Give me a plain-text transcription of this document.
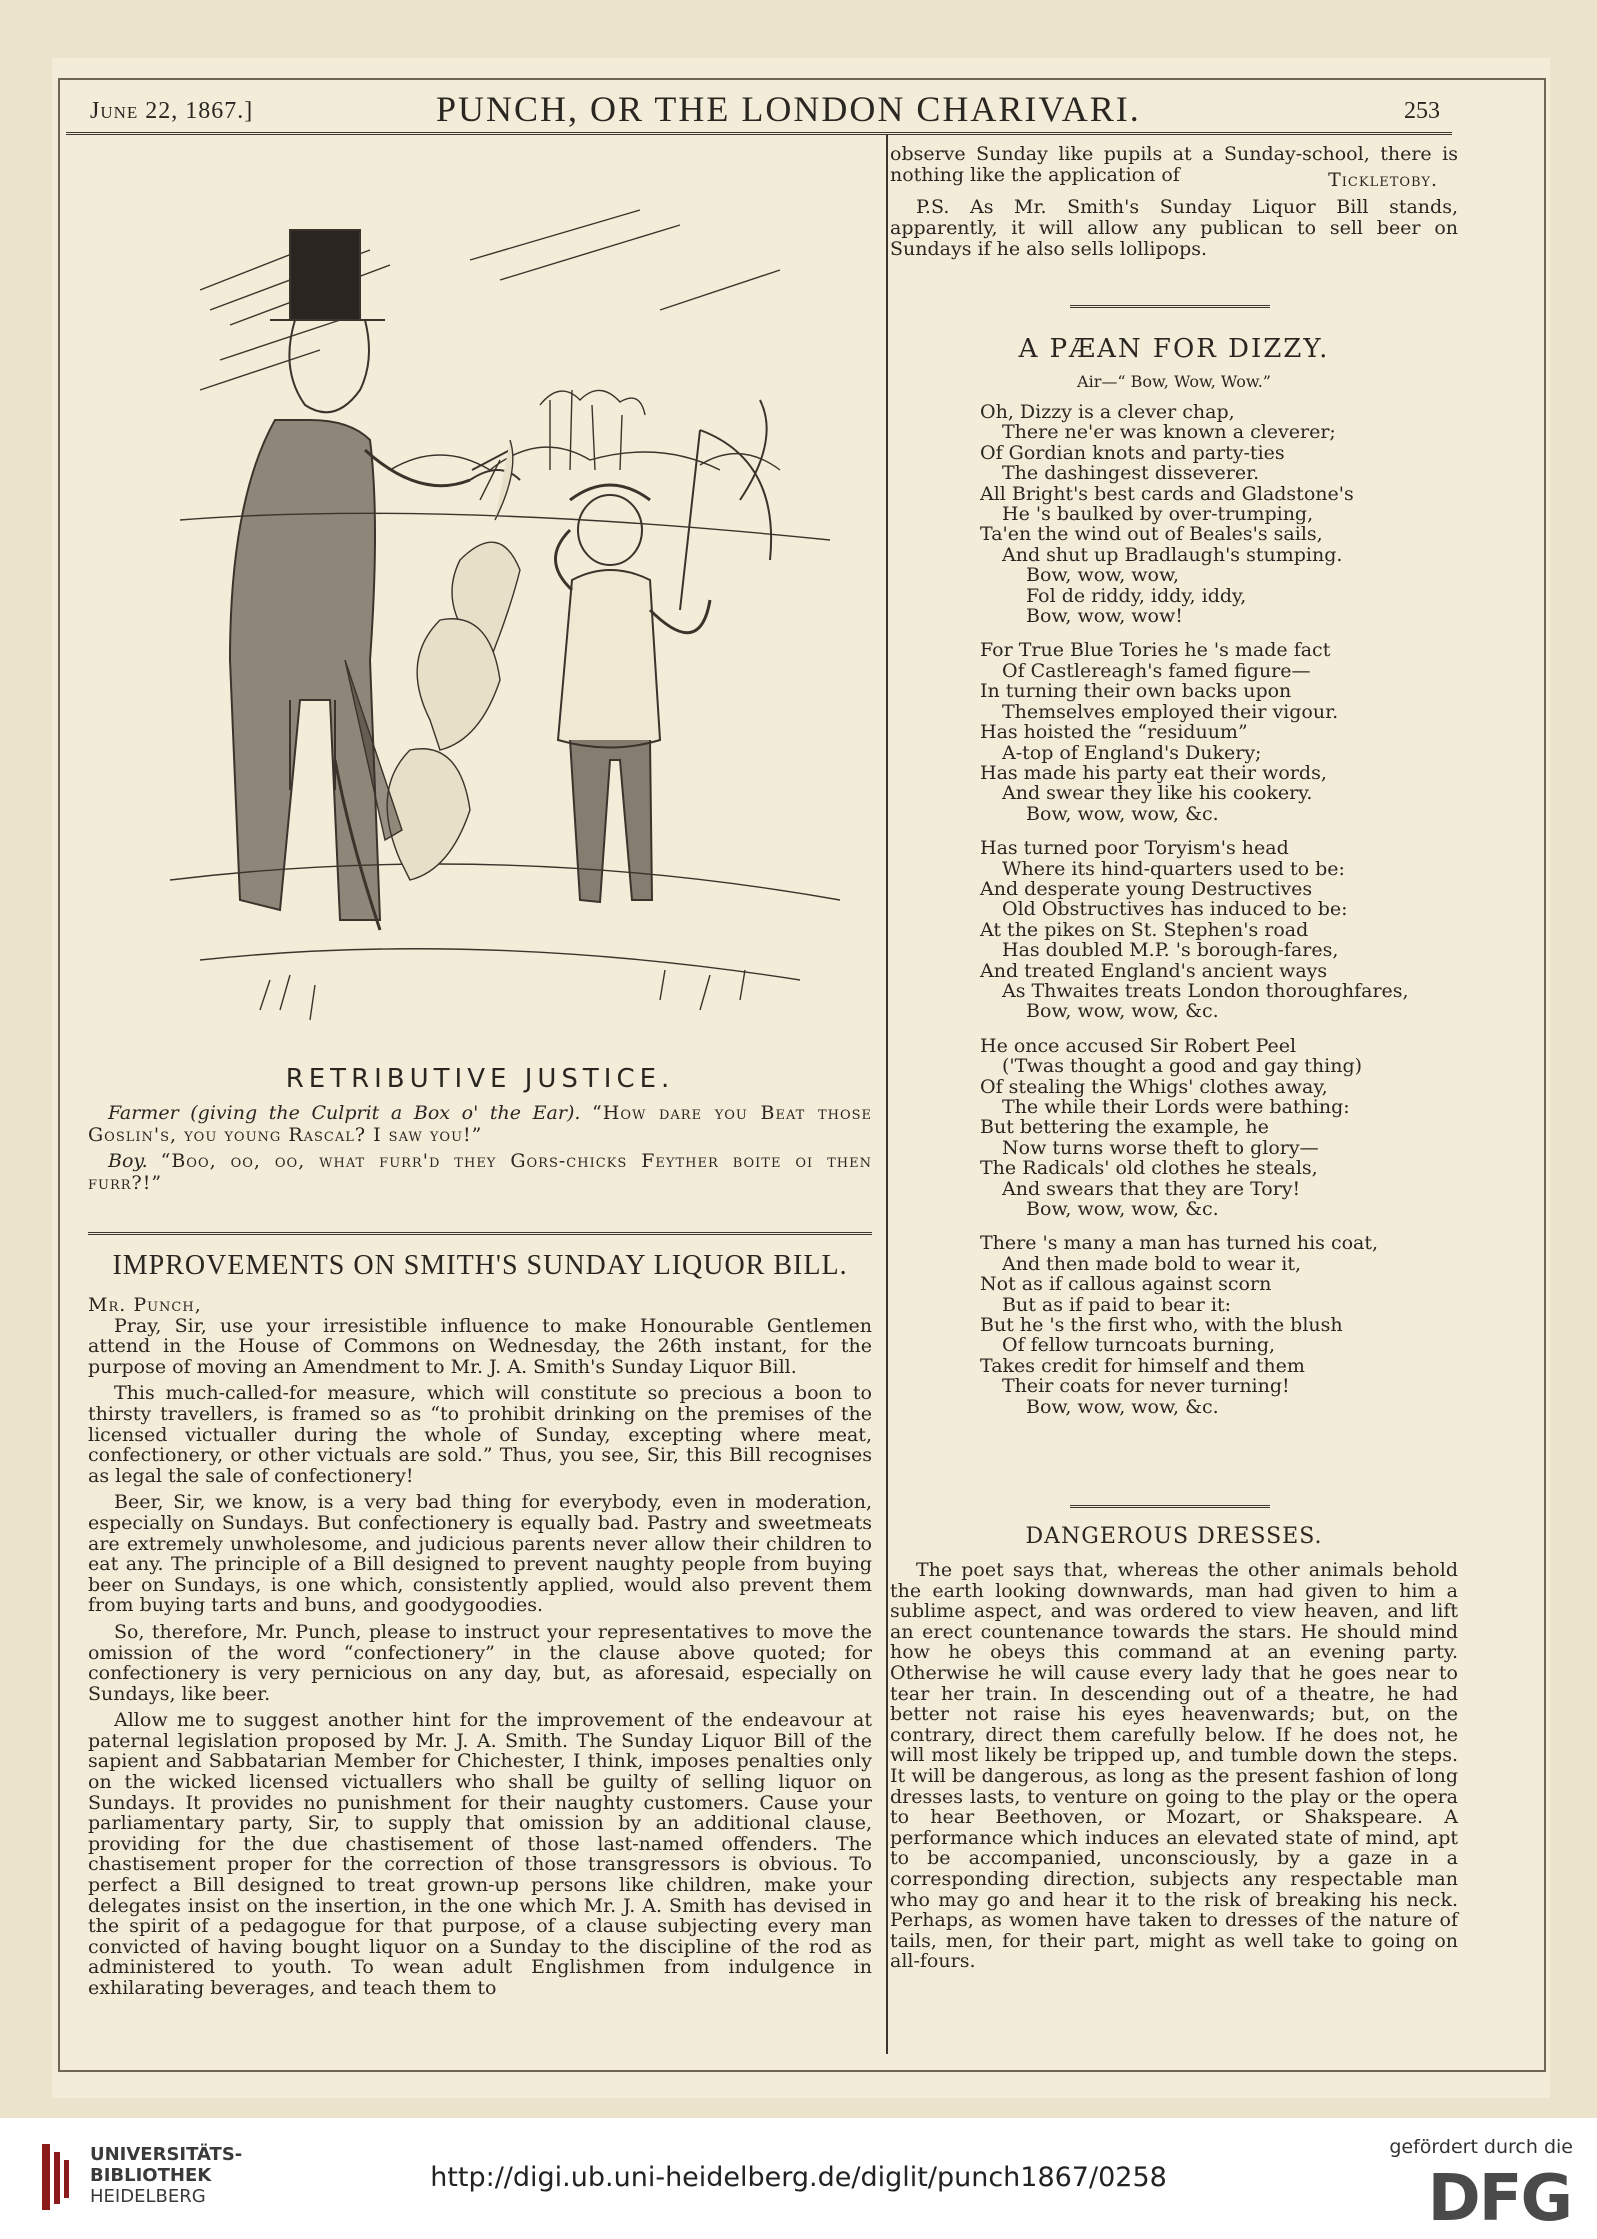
June 22, 1867.]	PUNCH, OR THE LONDON CHARIVARI.	253
RETRIBUTIVE JUSTICE.

Farmer (giving the Culprit a Box o' the Ear). “How dare you Beat those Goslin's, you young Rascal? I saw you!”

Boy. “Boo, oo, oo, what furr'd they Gors-chicks Feyther boite oi then furr?!”

IMPROVEMENTS ON SMITH'S SUNDAY LIQUOR BILL.

Mr. Punch,

Pray, Sir, use your irresistible influence to make Honourable Gentlemen attend in the House of Commons on Wednesday, the 26th instant, for the purpose of moving an Amendment to Mr. J. A. Smith's Sunday Liquor Bill.

This much-called-for measure, which will constitute so precious a boon to thirsty travellers, is framed so as “to prohibit drinking on the premises of the licensed victualler during the whole of Sunday, excepting where meat, confectionery, or other victuals are sold.” Thus, you see, Sir, this Bill recognises as legal the sale of confectionery!

Beer, Sir, we know, is a very bad thing for everybody, even in moderation, especially on Sundays. But confectionery is equally bad. Pastry and sweetmeats are extremely unwholesome, and judicious parents never allow their children to eat any. The principle of a Bill designed to prevent naughty people from buying beer on Sundays, is one which, consistently applied, would also prevent them from buying tarts and buns, and goodygoodies.

So, therefore, Mr. Punch, please to instruct your representatives to move the omission of the word “confectionery” in the clause above quoted; for confectionery is very pernicious on any day, but, as aforesaid, especially on Sundays, like beer.

Allow me to suggest another hint for the improvement of the endeavour at paternal legislation proposed by Mr. J. A. Smith. The Sunday Liquor Bill of the sapient and Sabbatarian Member for Chichester, I think, imposes penalties only on the wicked licensed victuallers who shall be guilty of selling liquor on Sundays. It provides no punishment for their naughty customers. Cause your parliamentary party, Sir, to supply that omission by an additional clause, providing for the due chastisement of those last-named offenders. The chastisement proper for the correction of those transgressors is obvious. To perfect a Bill designed to treat grown-up persons like children, make your delegates insist on the insertion, in the one which Mr. J. A. Smith has devised in the spirit of a pedagogue for that purpose, of a clause subjecting every man convicted of having bought liquor on a Sunday to the discipline of the rod as administered to youth. To wean adult Englishmen from indulgence in exhilarating beverages, and teach them to

observe Sunday like pupils at a Sunday-school, there is nothing like the application of	Tickletoby.

P.S. As Mr. Smith's Sunday Liquor Bill stands, apparently, it will allow any publican to sell beer on Sundays if he also sells lollipops.

A PÆAN FOR DIZZY.
Air—“ Bow, Wow, Wow.”
Oh, Dizzy is a clever chap,
There ne'er was known a cleverer;
Of Gordian knots and party-ties
The dashingest disseverer.
All Bright's best cards and Gladstone's
He 's baulked by over-trumping,
Ta'en the wind out of Beales's sails,
And shut up Bradlaugh's stumping.
Bow, wow, wow,
Fol de riddy, iddy, iddy,
Bow, wow, wow!
For True Blue Tories he 's made fact
Of Castlereagh's famed figure—
In turning their own backs upon
Themselves employed their vigour.
Has hoisted the “residuum”
A-top of England's Dukery;
Has made his party eat their words,
And swear they like his cookery.
Bow, wow, wow, &c.
Has turned poor Toryism's head
Where its hind-quarters used to be:
And desperate young Destructives
Old Obstructives has induced to be:
At the pikes on St. Stephen's road
Has doubled M.P. 's borough-fares,
And treated England's ancient ways
As Thwaites treats London thoroughfares,
Bow, wow, wow, &c.
He once accused Sir Robert Peel
('Twas thought a good and gay thing)
Of stealing the Whigs' clothes away,
The while their Lords were bathing:
But bettering the example, he
Now turns worse theft to glory—
The Radicals' old clothes he steals,
And swears that they are Tory!
Bow, wow, wow, &c.
There 's many a man has turned his coat,
And then made bold to wear it,
Not as if callous against scorn
But as if paid to bear it:
But he 's the first who, with the blush
Of fellow turncoats burning,
Takes credit for himself and them
Their coats for never turning!
Bow, wow, wow, &c.
DANGEROUS DRESSES.

The poet says that, whereas the other animals behold the earth looking downwards, man had given to him a sublime aspect, and was ordered to view heaven, and lift an erect countenance towards the stars. He should mind how he obeys this command at an evening party. Otherwise he will cause every lady that he goes near to tear her train. In descending out of a theatre, he had better not raise his eyes heavenwards; but, on the contrary, direct them carefully below. If he does not, he will most likely be tripped up, and tumble down the steps. It will be dangerous, as long as the present fashion of long dresses lasts, to venture on going to the play or the opera to hear Beethoven, or Mozart, or Shakspeare. A performance which induces an elevated state of mind, apt to be accompanied, unconsciously, by a gaze in a corresponding direction, subjects any respectable man who may go and hear it to the risk of breaking his neck. Perhaps, as women have taken to dresses of the nature of tails, men, for their part, might as well take to going on all-fours.

UNIVERSITÄTS-
BIBLIOTHEK
HEIDELBERG
http://digi.ub.uni-heidelberg.de/diglit/punch1867/0258
gefördert durch die
DFG
